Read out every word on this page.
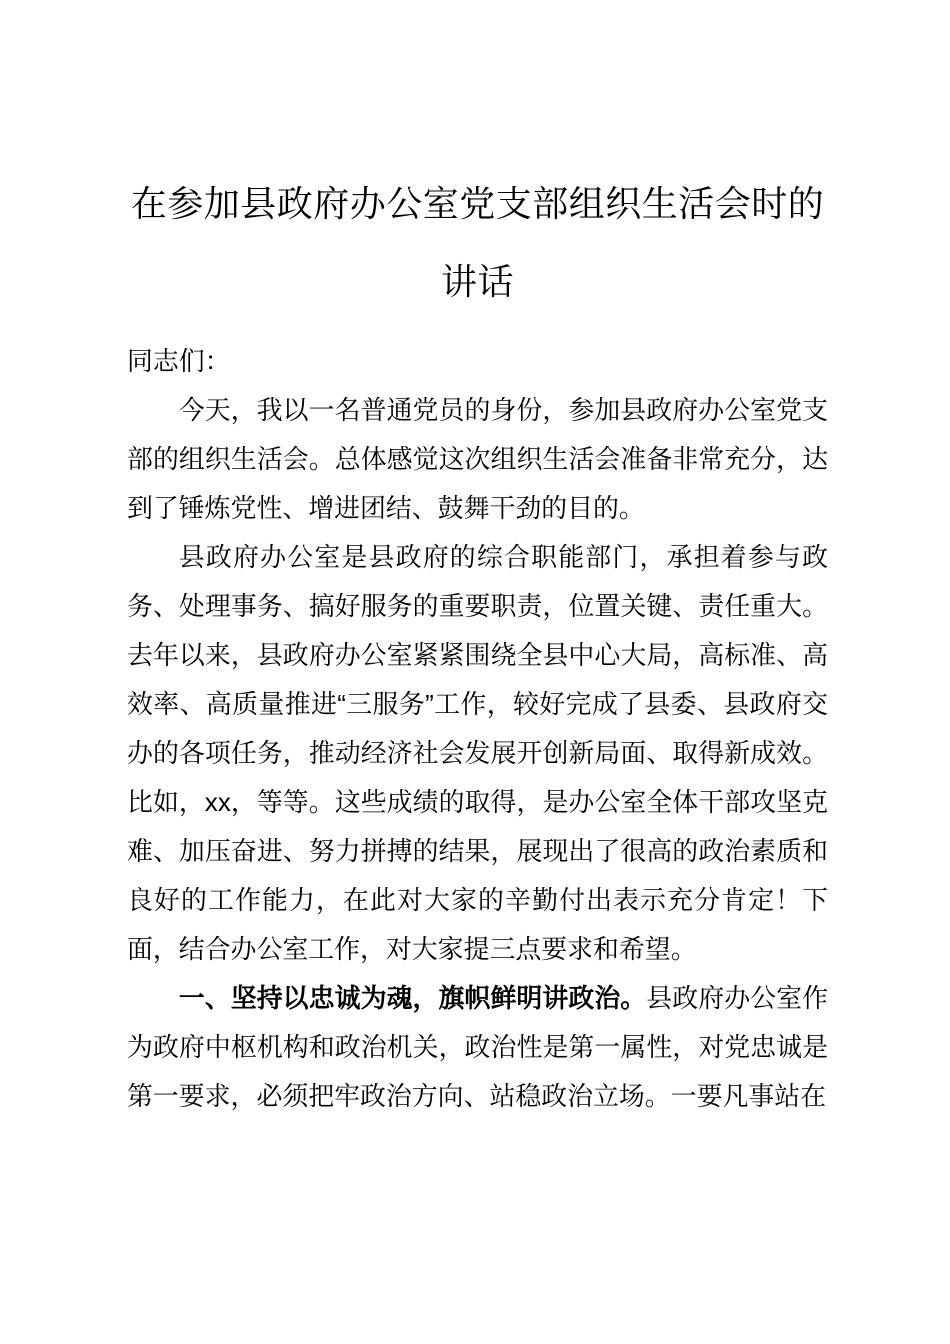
在参加县政府办公室党支部组织生活会时的
讲话

同志们：

今天，我以一名普通党员的身份，参加县政府办公室党支部的组织生活会。总体感觉这次组织生活会准备非常充分，达到了锤炼党性、增进团结、鼓舞干劲的目的。

县政府办公室是县政府的综合职能部门，承担着参与政务、处理事务、搞好服务的重要职责，位置关键、责任重大。去年以来，县政府办公室紧紧围绕全县中心大局，高标准、高效率、高质量推进“三服务”工作，较好完成了县委、县政府交办的各项任务，推动经济社会发展开创新局面、取得新成效。比如，xx，等等。这些成绩的取得，是办公室全体干部攻坚克难、加压奋进、努力拼搏的结果，展现出了很高的政治素质和良好的工作能力，在此对大家的辛勤付出表示充分肯定！下面，结合办公室工作，对大家提三点要求和希望。

一、坚持以忠诚为魂，旗帜鲜明讲政治。县政府办公室作为政府中枢机构和政治机关，政治性是第一属性，对党忠诚是第一要求，必须把牢政治方向、站稳政治立场。一要凡事站在
